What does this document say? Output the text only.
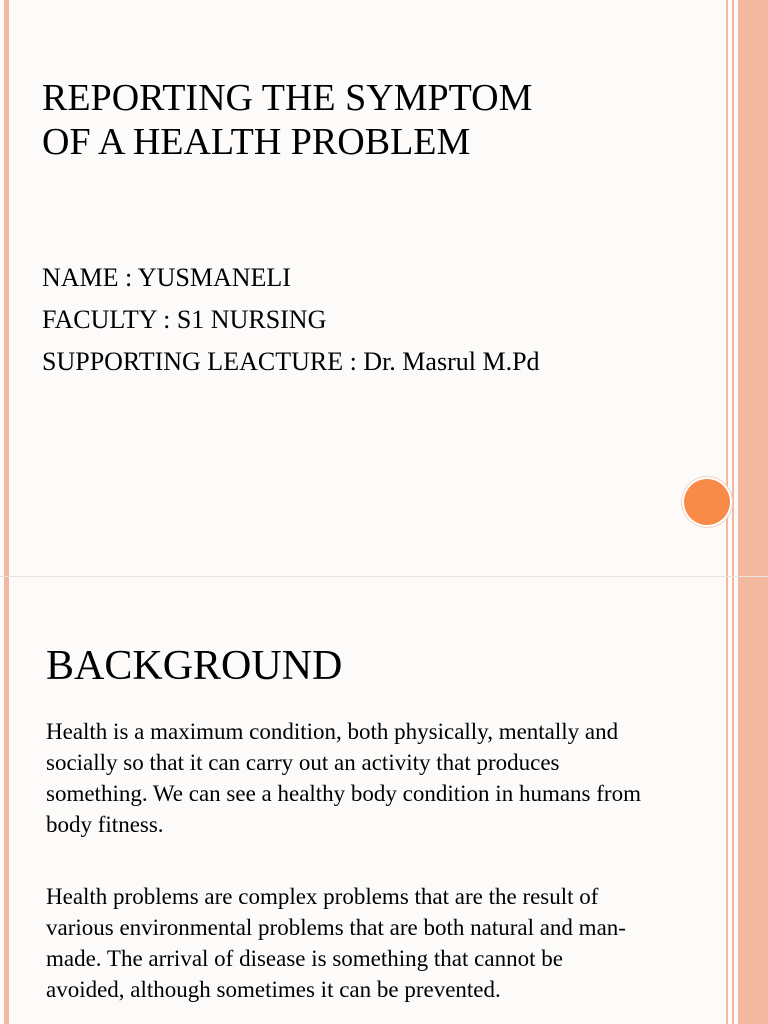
REPORTING THE SYMPTOM
OF A HEALTH PROBLEM
NAME : YUSMANELI
FACULTY : S1 NURSING
SUPPORTING LEACTURE : Dr. Masrul M.Pd
BACKGROUND

Health is a maximum condition, both physically, mentally and socially so that it can carry out an activity that produces something. We can see a healthy body condition in humans from body fitness.

Health problems are complex problems that are the result of various environmental problems that are both natural and man-made. The arrival of disease is something that cannot be avoided, although sometimes it can be prevented.
